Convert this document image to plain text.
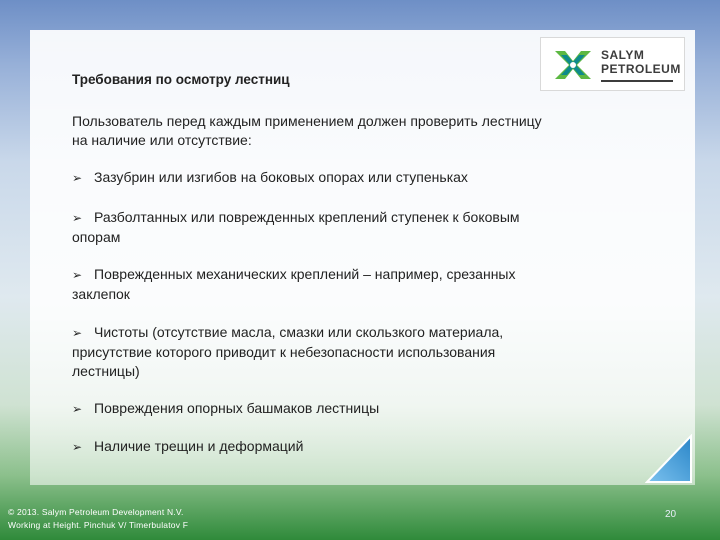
SALYM
PETROLEUM
Требования по осмотру лестниц
Пользователь перед каждым применением должен проверить лестницу на наличие или отсутствие:
➢ Зазубрин или изгибов на боковых опорах или ступеньках
➢ Разболтанных или поврежденных креплений ступенек к боковым опорам
➢ Поврежденных механических креплений – например, срезанных заклепок
➢ Чистоты (отсутствие масла, смазки или скользкого материала, присутствие которого приводит к небезопасности использования лестницы)
➢ Повреждения опорных башмаков лестницы
➢ Наличие трещин и деформаций
© 2013. Salym Petroleum Development N.V.
Working at Height. Pinchuk V/ Timerbulatov F
20
